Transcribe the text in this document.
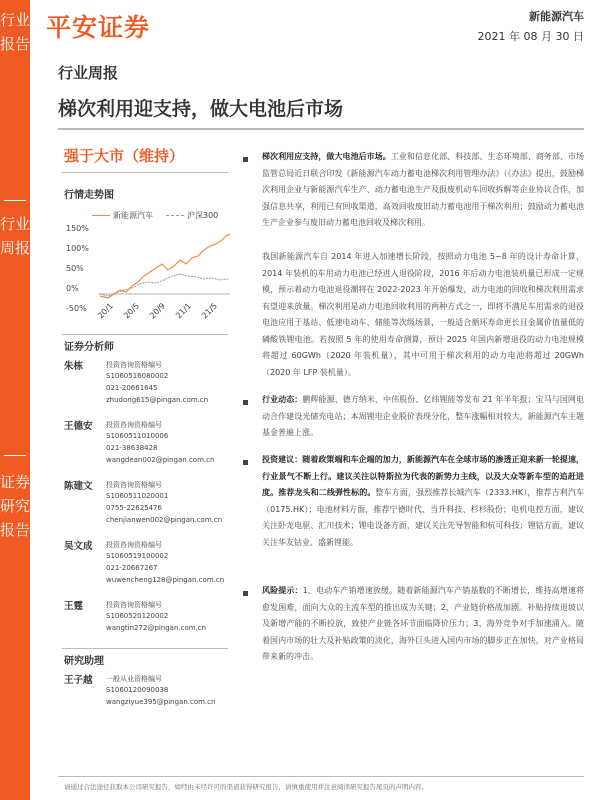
行业报告
行业周报
证券研究报告
平安证券	新能源汽车
2021 年 08 月 30 日
行业周报
梯次利用迎支持，做大电池后市场
强于大市（维持）
行情走势图
新能源汽车	沪深300
150%
100%
50%
0%
-50% 20/1 20/5 20/9 21/1 21/5
证券分析师
朱栋	投资咨询资格编号
S1060516080002
021-20661645
zhudong615@pingan.com.cn
王德安 投资咨询资格编号
S1060511010006
021-38638428
wangdean002@pingan.com.cn
陈建文 投资咨询资格编号
S1060511020001
0755-22625476
chenjianwen002@pingan.com.cn
吴文成 投资咨询资格编号
S1060519100002
021-20667267
wuwencheng128@pingan.com.cn
王霆	投资咨询资格编号
S1060520120002
wangtin272@pingan.com.cn
研究助理
王子越 一般从业资格编号
S1060120090038
wangziyue395@pingan.com.cn
梯次利用应支持，做大电池后市场。工业和信息化部、科技部、生态环境部、商务部、市场监管总局近日联合印发《新能源汽车动力蓄电池梯次利用管理办法》（《办法》提出，鼓励梯次利用企业与新能源汽车生产、动力蓄电池生产及报废机动车回收拆解等企业协议合作，加强信息共享，利用已有回收渠道，高效回收废旧动力蓄电池用于梯次利用；鼓励动力蓄电池生产企业参与废旧动力蓄电池回收及梯次利用。
我国新能源汽车自 2014 年进入加速增长阶段，按照动力电池 5~8 年的设计寿命计算，2014 年装机的车用动力电池已经进入退役阶段，2016 年后动力电池装机量已形成一定规模，预示着动力电池退役潮将在 2022-2023 年开始爆发，动力电池的回收和梯次利用需求有望迎来放量。梯次利用是动力电池回收利用的两种方式之一，即将不满足车用需求的退役电池应用于基站、低速电动车、储能等次级场景，一般适合循环寿命更长且金属价值量低的磷酸铁锂电池。若按照 5 年的使用寿命测算，预计 2025 年国内新增退役的动力电池规模将超过 60GWh（2020 年装机量），其中可用于梯次利用的动力电池将超过 20GWh（2020 年 LFP 装机量）。
行业动态：鹏辉能源、德方纳米、中伟股份、亿纬锂能等发布 21 年半年报；宝马与国网电动合作建设光储充电站；本周锂电企业股价表现分化，整车涨幅相对较大，新能源汽车主题基金普遍上涨。
投资建议：随着政策端和车企端的加力，新能源汽车在全球市场的渗透正迎来新一轮提速，行业景气不断上行。建议关注以特斯拉为代表的新势力主线，以及大众等新车型的追赶进度。推荐龙头和二线弹性标的。整车方面，强烈推荐长城汽车（2333.HK），推荐吉利汽车（0175.HK）；电池材料方面，推荐宁德时代、当升科技、杉杉股份；电机电控方面，建议关注卧龙电驱、汇川技术；锂电设备方面，建议关注先导智能和杭可科技；锂钴方面，建议关注华友钴业、盛新锂能。
风险提示：1、电动车产销增速放缓。随着新能源汽车产销基数的不断增长，维持高增速将愈发困难，面向大众的主流车型的推出成为关键；2、产业链价格战加剧。补贴持续退坡以及新增产能的不断投放，致使产业链各环节面临降价压力；3、海外竞争对手加速涌入。随着国内市场的壮大及补贴政策的淡化，海外巨头进入国内市场的脚步正在加快，对产业格局带来新的冲击。
请通过合法途径获取本公司研究报告，如经由未经许可的渠道获得研究报告，请慎重使用并注意阅读研究报告尾页的声明内容。
